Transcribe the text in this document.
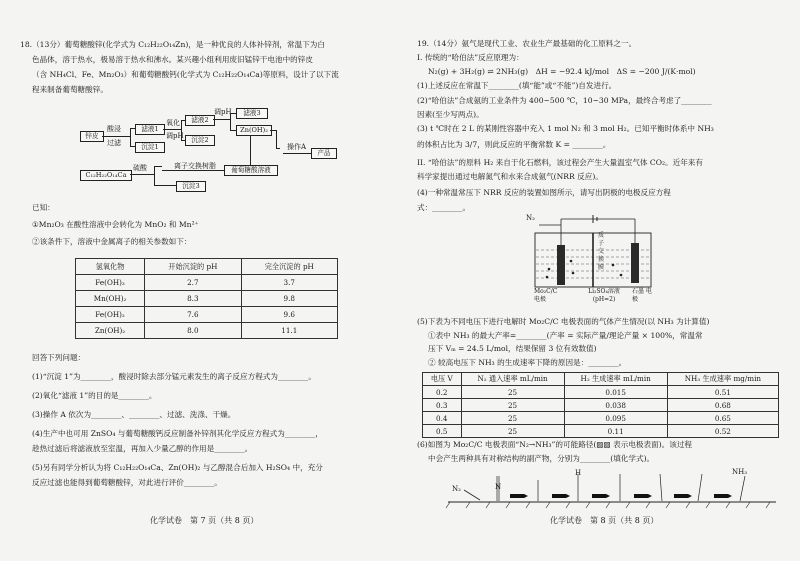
18.（13分）葡萄糖酸锌(化学式为 C₁₂H₂₂O₁₄Zn)，是一种优良的人体补锌剂，常温下为白
色晶体，溶于热水，极易溶于热水和沸水。某兴趣小组利用废旧锰锌干电池中的锌皮
（含 NH₄Cl、Fe、Mn₂O₃）和葡萄糖酸钙(化学式为 C₁₂H₂₂O₁₄Ca)等原料，设计了以下流
程来制备葡萄糖酸锌。
锌皮
酸浸
过滤
滤液1
沉淀1
氧化
调pH
滤液2
沉淀2
调pH	滤液3
Zn(OH)₂
操作A
产品
离子交换树脂
C₁₂H₂₂O₁₄Ca
硫酸
沉淀3
葡萄糖酸溶液
已知：
①Mn₂O₃ 在酸性溶液中会转化为 MnO₂ 和 Mn²⁺
②该条件下，溶液中金属离子的相关参数如下：
氢氧化物	开始沉淀的 pH	完全沉淀的 pH
Fe(OH)₃	2.7	3.7
Mn(OH)₂	8.3	9.8
Fe(OH)₂	7.6	9.6
Zn(OH)₂	8.0	11.1
回答下列问题：
(1)“沉淀 1”为________，酸浸时除去部分锰元素发生的离子反应方程式为________。
(2)氧化“滤液 1”的目的是________。
(3)操作 A 依次为________、________、过滤、洗涤、干燥。
(4)生产中也可用 ZnSO₄ 与葡萄糖酸钙反应制备补锌剂其化学反应方程式为________，
趁热过滤后将滤液放至室温，再加入少量乙醇的作用是________。
(5)另有同学分析认为将 C₁₂H₂₂O₁₄Ca、Zn(OH)₂ 与乙醇混合后加入 H₂SO₄ 中，充分
反应过滤也能得到葡萄糖酸锌，对此进行评价________。
化学试卷　第 7 页（共 8 页）
19.（14分）氨气是现代工业、农业生产最基础的化工原料之一。
I. 传统的“哈伯法”反应原理为：
N₂(g) + 3H₂(g) ⇌ 2NH₃(g)　ΔH = −92.4 kJ/mol　ΔS = −200 J/(K·mol)
(1)上述反应在常温下________(填“能”或“不能”)自发进行。
(2)“哈伯法”合成氨的工业条件为 400~500 ℃，10~30 MPa，最终合考虑了________
因素(至少写两点)。
(3) t ℃时在 2 L 的某刚性容器中充入 1 mol N₂ 和 3 mol H₂。已知平衡时体系中 NH₃
的体积占比为 3/7，则此反应的平衡常数 K = ________。
II. “哈伯法”的原料 H₂ 来自于化石燃料，该过程会产生大量温室气体 CO₂。近年来有
科学家提出通过电解氮气和水来合成氨气(NRR 反应)。
(4)一种常温常压下 NRR 反应的装置如图所示，请写出阴极的电极反应方程
式：________。
N₂
质子交换膜
Mo₂C/C 电极
Li₂SO₄溶液 (pH=2)
石墨 电极
(5)下表为不同电压下进行电解时 Mo₂C/C 电极表面的气体产生情况(以 NH₃ 为计算值)
①表中 NH₃ 的最大产率=________(产率 = 实际产量/理论产量 × 100%，常温常
压下 Vₘ = 24.5 L/mol，结果保留 3 位有效数值)
② 较高电压下 NH₃ 的生成速率下降的原因是：________。
电压 V	N₂ 通入速率 mL/min	H₂ 生成速率 mL/min	NH₃ 生成速率 mg/min
0.2	25	0.015	0.51
0.3	25	0.038	0.68
0.4	25	0.095	0.65
0.5	25	0.11	0.52
(6)如图为 Mo₂C/C 电极表面“N₂→NH₃”的可能路径(▨▨ 表示电极表面)。该过程
中会产生两种具有对称结构的副产物，分别为________(填化学式)。
N₂
NH₃
N
H
化学试卷　第 8 页（共 8 页）
